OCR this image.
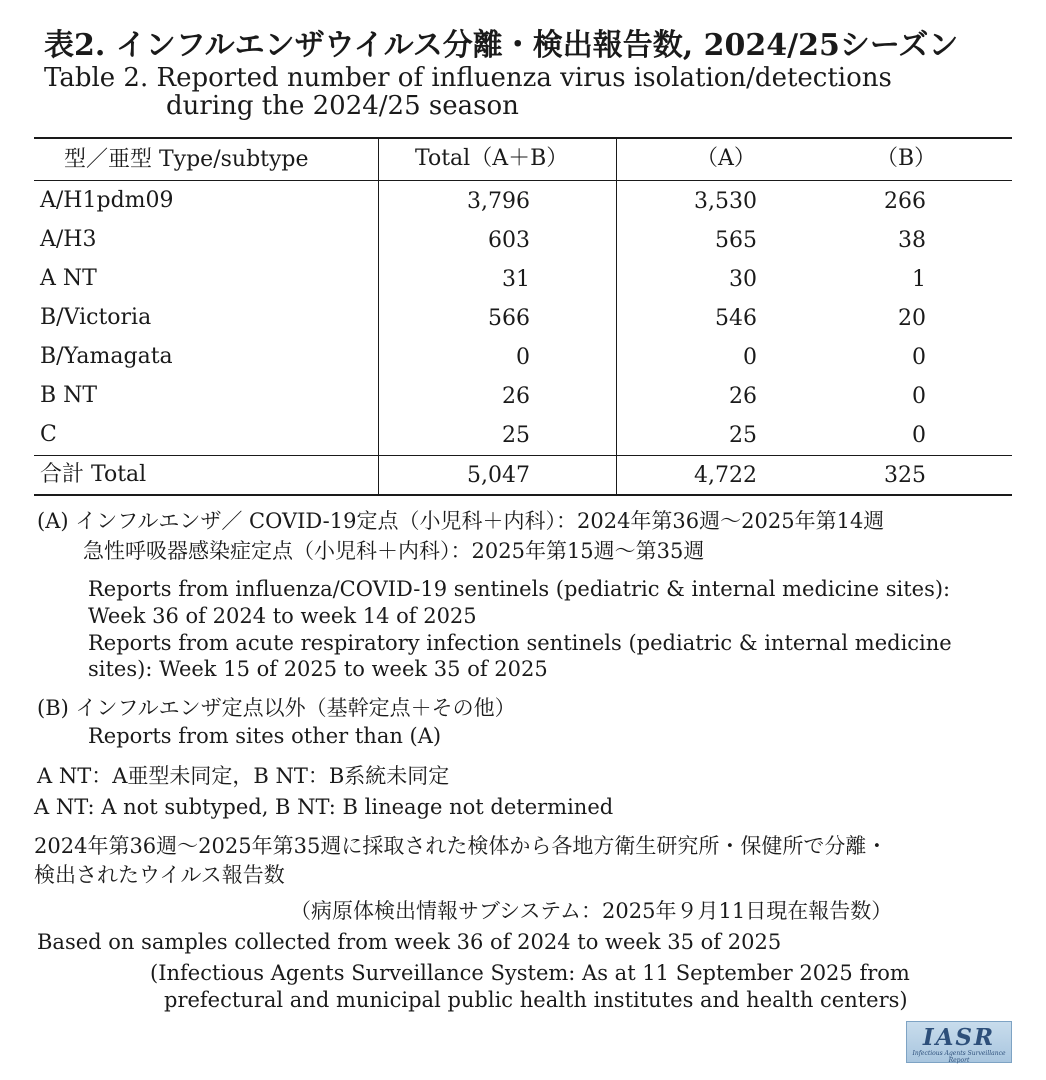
表2. インフルエンザウイルス分離・検出報告数, 2024/25シーズン
Table 2. Reported number of influenza virus isolation/detections
during the 2024/25 season
型／亜型 Type/subtype	Total（A＋B）	（A）	（B）
A/H1pdm09	3,796	3,530	266
A/H3	603	565	38
A NT	31	30	1
B/Victoria	566	546	20
B/Yamagata	0	0	0
B NT	26	26	0
C	25	25	0
合計 Total	5,047	4,722	325
(A) インフルエンザ／ COVID-19定点（小児科＋内科）：2024年第36週～2025年第14週
急性呼吸器感染症定点（小児科＋内科）：2025年第15週～第35週
Reports from influenza/COVID-19 sentinels (pediatric & internal medicine sites):
Week 36 of 2024 to week 14 of 2025
Reports from acute respiratory infection sentinels (pediatric & internal medicine
sites): Week 15 of 2025 to week 35 of 2025
(B) インフルエンザ定点以外（基幹定点＋その他）
Reports from sites other than (A)
A NT：A亜型未同定，B NT：B系統未同定
A NT: A not subtyped, B NT: B lineage not determined
2024年第36週～2025年第35週に採取された検体から各地方衛生研究所・保健所で分離・
検出されたウイルス報告数
（病原体検出情報サブシステム：2025年９月11日現在報告数）
Based on samples collected from week 36 of 2024 to week 35 of 2025
(Infectious Agents Surveillance System: As at 11 September 2025 from
prefectural and municipal public health institutes and health centers)
IASR
Infectious Agents Surveillance Report
